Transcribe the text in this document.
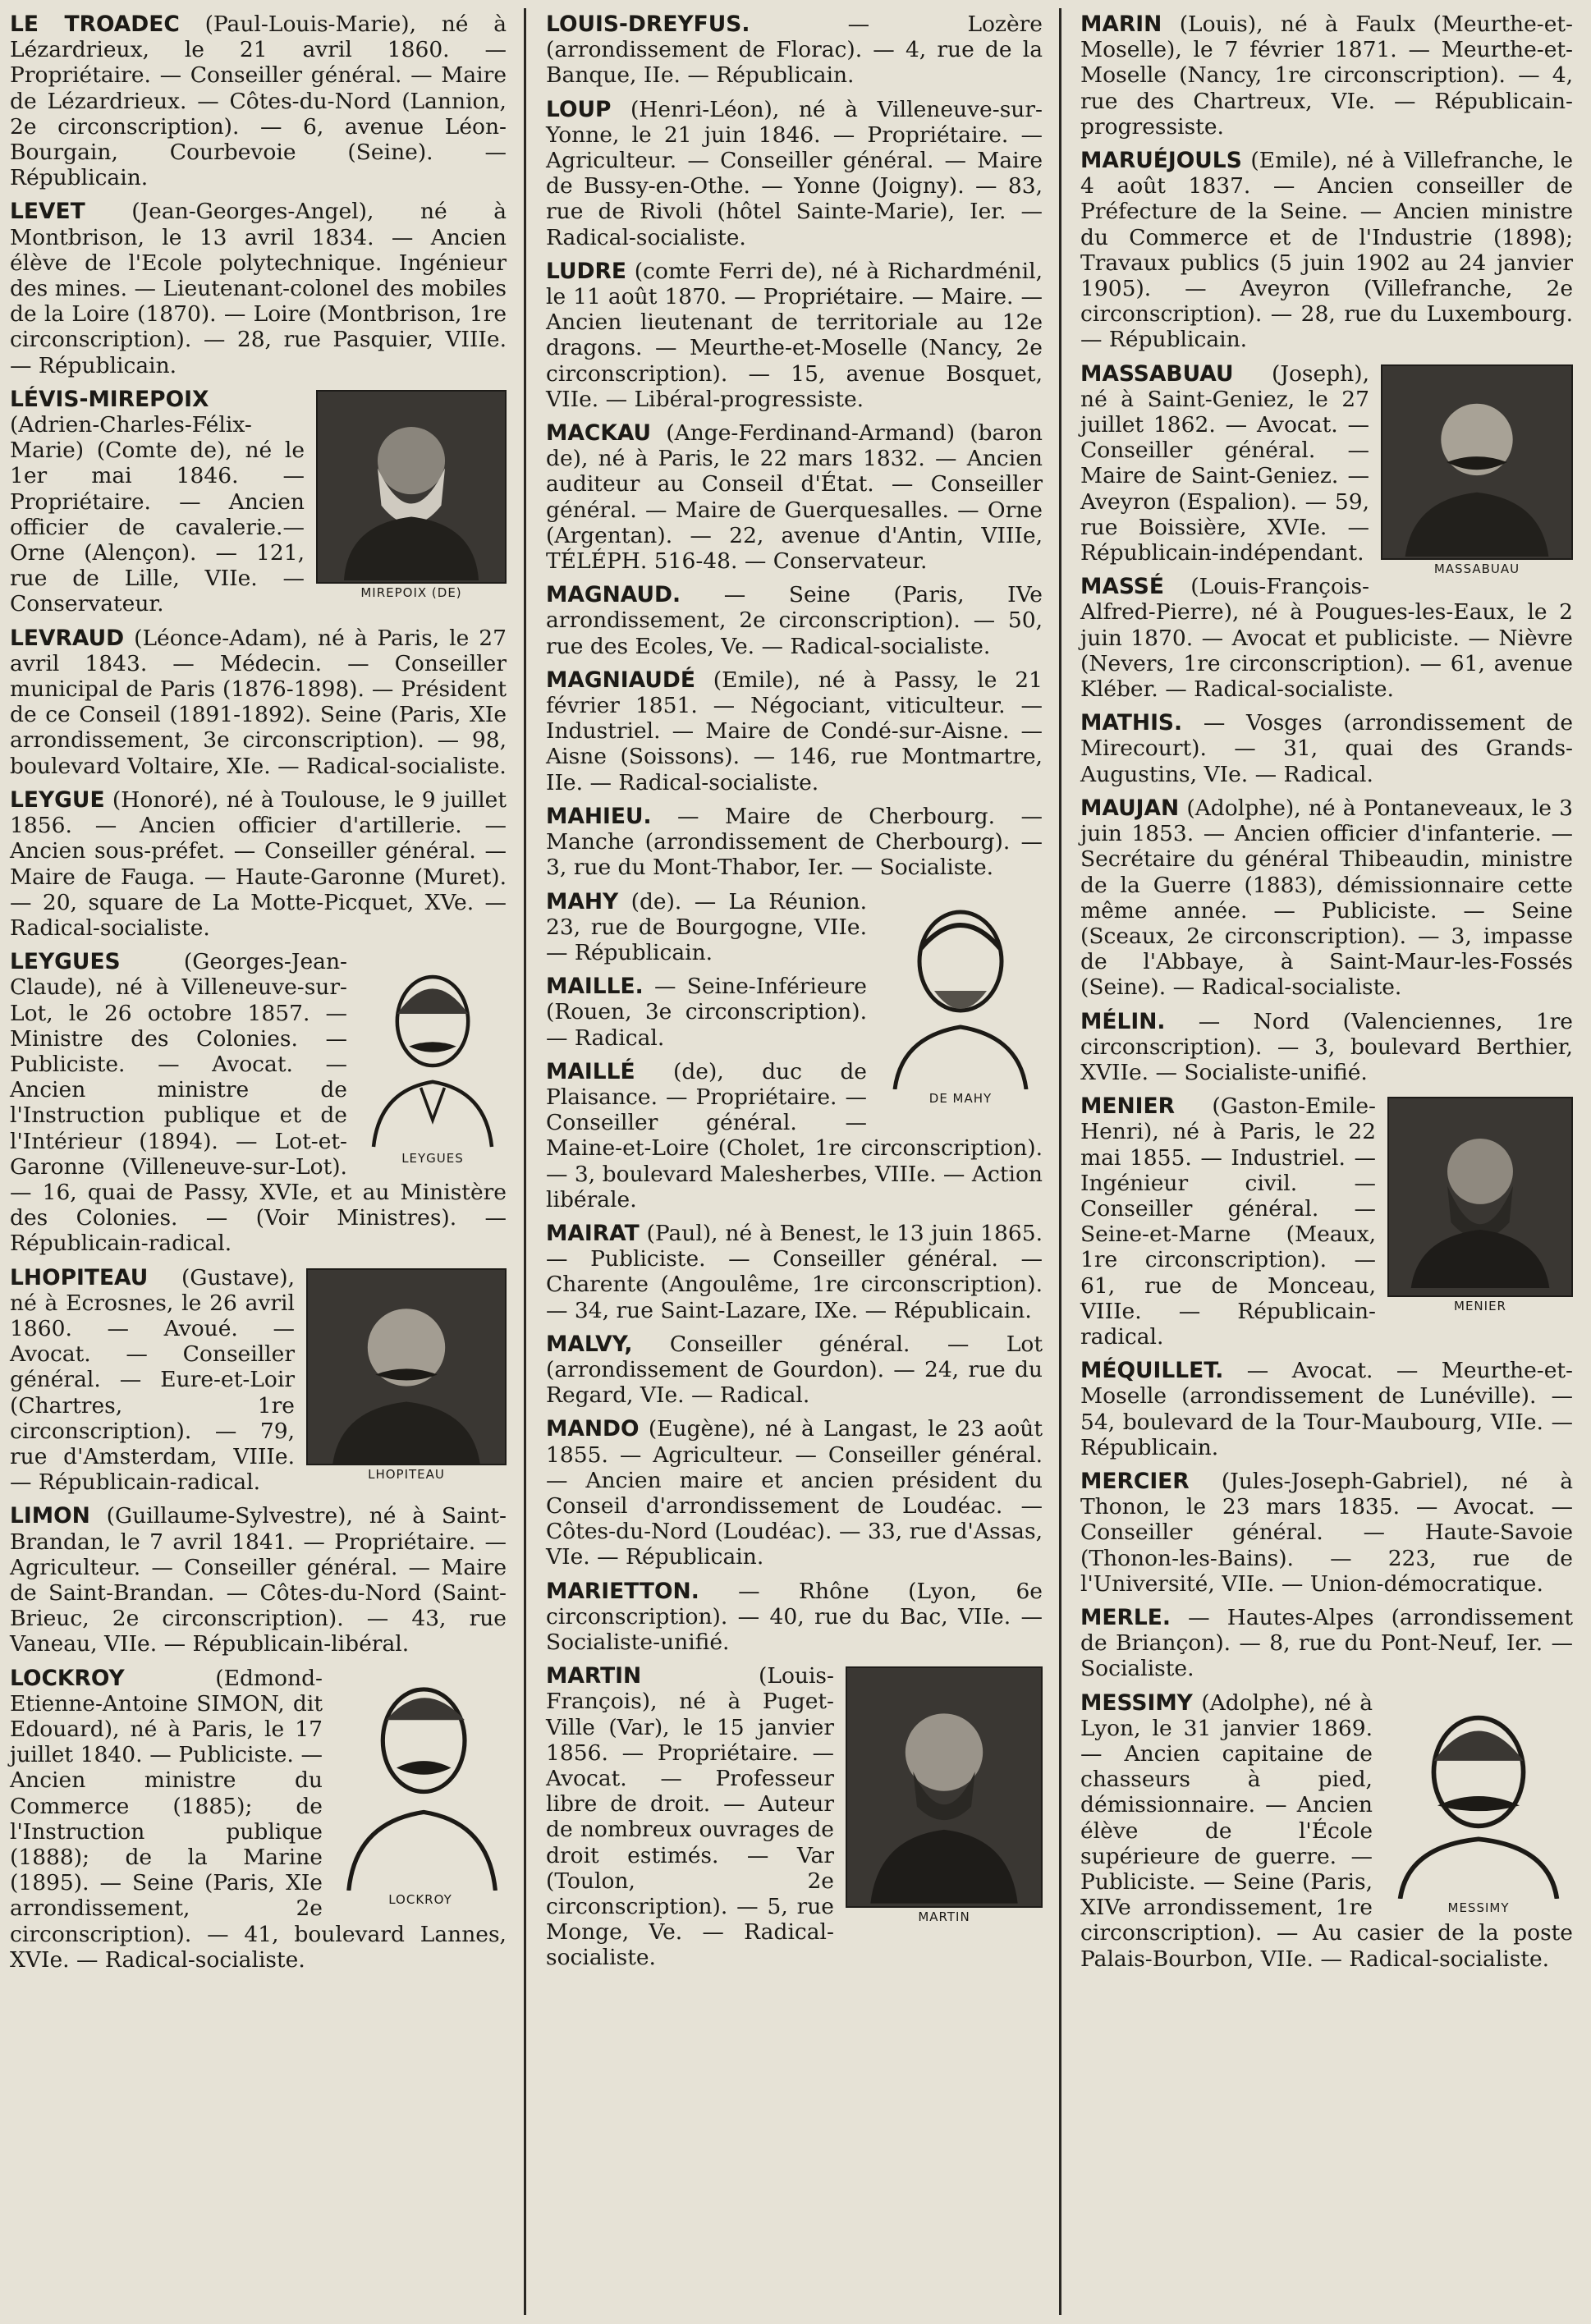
LE TROADEC (Paul-Louis-Marie), né à Lézardrieux, le 21 avril 1860. — Propriétaire. — Conseiller général. — Maire de Lézardrieux. — Côtes-du-Nord (Lannion, 2e circonscription). — 6, avenue Léon-Bourgain, Courbevoie (Seine). — Républicain.

LEVET (Jean-Georges-Angel), né à Montbrison, le 13 avril 1834. — Ancien élève de l'Ecole polytechnique. Ingénieur des mines. — Lieutenant-colonel des mobiles de la Loire (1870). — Loire (Montbrison, 1re circonscription). — 28, rue Pasquier, VIIIe. — Républicain.

MIREPOIX (DE)
LÉVIS-MIREPOIX (Adrien-Charles-Félix-Marie) (Comte de), né le 1er mai 1846. — Propriétaire. — Ancien officier de cavalerie.— Orne (Alençon). — 121, rue de Lille, VIIe. — Conservateur.

LEVRAUD (Léonce-Adam), né à Paris, le 27 avril 1843. — Médecin. — Conseiller municipal de Paris (1876-1898). — Président de ce Conseil (1891-1892). Seine (Paris, XIe arrondissement, 3e circonscription). — 98, boulevard Voltaire, XIe. — Radical-socialiste.

LEYGUE (Honoré), né à Toulouse, le 9 juillet 1856. — Ancien officier d'artillerie. — Ancien sous-préfet. — Conseiller général. — Maire de Fauga. — Haute-Garonne (Muret). — 20, square de La Motte-Picquet, XVe. — Radical-socialiste.

LEYGUES
LEYGUES (Georges-Jean-Claude), né à Villeneuve-sur-Lot, le 26 octobre 1857. — Ministre des Colonies. — Publiciste. — Avocat. — Ancien ministre de l'Instruction publique et de l'Intérieur (1894). — Lot-et-Garonne (Villeneuve-sur-Lot). — 16, quai de Passy, XVIe, et au Ministère des Colonies. — (Voir Ministres). — Républicain-radical.

LHOPITEAU
LHOPITEAU (Gustave), né à Ecrosnes, le 26 avril 1860. — Avoué. — Avocat. — Conseiller général. — Eure-et-Loir (Chartres, 1re circonscription). — 79, rue d'Amsterdam, VIIIe. — Républicain-radical.

LIMON (Guillaume-Sylvestre), né à Saint-Brandan, le 7 avril 1841. — Propriétaire. — Agriculteur. — Conseiller général. — Maire de Saint-Brandan. — Côtes-du-Nord (Saint-Brieuc, 2e circonscription). — 43, rue Vaneau, VIIe. — Républicain-libéral.

LOCKROY
LOCKROY (Edmond-Etienne-Antoine SIMON, dit Edouard), né à Paris, le 17 juillet 1840. — Publiciste. — Ancien ministre du Commerce (1885); de l'Instruction publique (1888); de la Marine (1895). — Seine (Paris, XIe arrondissement, 2e circonscription). — 41, boulevard Lannes, XVIe. — Radical-socialiste.

LOUIS-DREYFUS. — Lozère (arrondissement de Florac). — 4, rue de la Banque, IIe. — Républicain.

LOUP (Henri-Léon), né à Villeneuve-sur-Yonne, le 21 juin 1846. — Propriétaire. — Agriculteur. — Conseiller général. — Maire de Bussy-en-Othe. — Yonne (Joigny). — 83, rue de Rivoli (hôtel Sainte-Marie), Ier. — Radical-socialiste.

LUDRE (comte Ferri de), né à Richardménil, le 11 août 1870. — Propriétaire. — Maire. — Ancien lieutenant de territoriale au 12e dragons. — Meurthe-et-Moselle (Nancy, 2e circonscription). — 15, avenue Bosquet, VIIe. — Libéral-progressiste.

MACKAU (Ange-Ferdinand-Armand) (baron de), né à Paris, le 22 mars 1832. — Ancien auditeur au Conseil d'État. — Conseiller général. — Maire de Guerquesalles. — Orne (Argentan). — 22, avenue d'Antin, VIIIe, TÉLÉPH. 516-48. — Conservateur.

MAGNAUD. — Seine (Paris, IVe arrondissement, 2e circonscription). — 50, rue des Ecoles, Ve. — Radical-socialiste.

MAGNIAUDÉ (Emile), né à Passy, le 21 février 1851. — Négociant, viticulteur. — Industriel. — Maire de Condé-sur-Aisne. — Aisne (Soissons). — 146, rue Montmartre, IIe. — Radical-socialiste.

MAHIEU. — Maire de Cherbourg. — Manche (arrondissement de Cherbourg). — 3, rue du Mont-Thabor, Ier. — Socialiste.

DE MAHY
MAHY (de). — La Réunion. 23, rue de Bourgogne, VIIe. — Républicain.

MAILLE. — Seine-Inférieure (Rouen, 3e circonscription). — Radical.

MAILLÉ (de), duc de Plaisance. — Propriétaire. — Conseiller général. — Maine-et-Loire (Cholet, 1re circonscription). — 3, boulevard Malesherbes, VIIIe. — Action libérale.

MAIRAT (Paul), né à Benest, le 13 juin 1865. — Publiciste. — Conseiller général. — Charente (Angoulême, 1re circonscription). — 34, rue Saint-Lazare, IXe. — Républicain.

MALVY, Conseiller général. — Lot (arrondissement de Gourdon). — 24, rue du Regard, VIe. — Radical.

MANDO (Eugène), né à Langast, le 23 août 1855. — Agriculteur. — Conseiller général. — Ancien maire et ancien président du Conseil d'arrondissement de Loudéac. — Côtes-du-Nord (Loudéac). — 33, rue d'Assas, VIe. — Républicain.

MARIETTON. — Rhône (Lyon, 6e circonscription). — 40, rue du Bac, VIIe. — Socialiste-unifié.

MARTIN
MARTIN (Louis-François), né à Puget-Ville (Var), le 15 janvier 1856. — Propriétaire. — Avocat. — Professeur libre de droit. — Auteur de nombreux ouvrages de droit estimés. — Var (Toulon, 2e circonscription). — 5, rue Monge, Ve. — Radical-socialiste.

MARIN (Louis), né à Faulx (Meurthe-et-Moselle), le 7 février 1871. — Meurthe-et-Moselle (Nancy, 1re circonscription). — 4, rue des Chartreux, VIe. — Républicain-progressiste.

MARUÉJOULS (Emile), né à Villefranche, le 4 août 1837. — Ancien conseiller de Préfecture de la Seine. — Ancien ministre du Commerce et de l'Industrie (1898); Travaux publics (5 juin 1902 au 24 janvier 1905). — Aveyron (Villefranche, 2e circonscription). — 28, rue du Luxembourg. — Républicain.

MASSABUAU
MASSABUAU (Joseph), né à Saint-Geniez, le 27 juillet 1862. — Avocat. — Conseiller général. — Maire de Saint-Geniez. — Aveyron (Espalion). — 59, rue Boissière, XVIe. — Républicain-indépendant.

MASSÉ (Louis-François-Alfred-Pierre), né à Pougues-les-Eaux, le 2 juin 1870. — Avocat et publiciste. — Nièvre (Nevers, 1re circonscription). — 61, avenue Kléber. — Radical-socialiste.

MATHIS. — Vosges (arrondissement de Mirecourt). — 31, quai des Grands-Augustins, VIe. — Radical.

MAUJAN (Adolphe), né à Pontaneveaux, le 3 juin 1853. — Ancien officier d'infanterie. — Secrétaire du général Thibeaudin, ministre de la Guerre (1883), démissionnaire cette même année. — Publiciste. — Seine (Sceaux, 2e circonscription). — 3, impasse de l'Abbaye, à Saint-Maur-les-Fossés (Seine). — Radical-socialiste.

MÉLIN. — Nord (Valenciennes, 1re circonscription). — 3, boulevard Berthier, XVIIe. — Socialiste-unifié.

MENIER
MENIER (Gaston-Emile-Henri), né à Paris, le 22 mai 1855. — Industriel. — Ingénieur civil. — Conseiller général. — Seine-et-Marne (Meaux, 1re circonscription). — 61, rue de Monceau, VIIIe. — Républicain-radical.

MÉQUILLET. — Avocat. — Meurthe-et-Moselle (arrondissement de Lunéville). — 54, boulevard de la Tour-Maubourg, VIIe. — Républicain.

MERCIER (Jules-Joseph-Gabriel), né à Thonon, le 23 mars 1835. — Avocat. — Conseiller général. — Haute-Savoie (Thonon-les-Bains). — 223, rue de l'Université, VIIe. — Union-démocratique.

MERLE. — Hautes-Alpes (arrondissement de Briançon). — 8, rue du Pont-Neuf, Ier. — Socialiste.

MESSIMY
MESSIMY (Adolphe), né à Lyon, le 31 janvier 1869. — Ancien capitaine de chasseurs à pied, démissionnaire. — Ancien élève de l'École supérieure de guerre. — Publiciste. — Seine (Paris, XIVe arrondissement, 1re circonscription). — Au casier de la poste Palais-Bourbon, VIIe. — Radical-socialiste.
